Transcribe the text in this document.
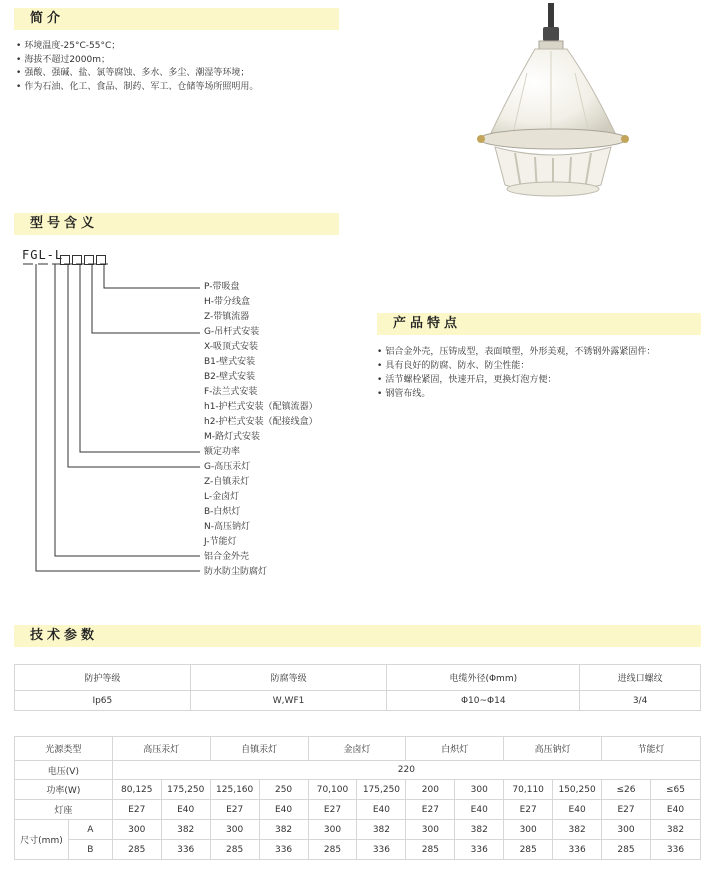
简介
• 环境温度-25°C-55°C；
• 海拔不超过2000m；
• 强酸、强碱、盐、氯等腐蚀、多水、多尘、潮湿等环境；
• 作为石油、化工、食品、制药、军工、仓储等场所照明用。
型号含义
FGL-L
P-带吸盘
H-带分线盒
Z-带镇流器
G-吊杆式安装
X-吸顶式安装
B1-壁式安装
B2-壁式安装
F-法兰式安装
h1-护栏式安装（配镇流器）
h2-护栏式安装（配接线盒）
M-路灯式安装
额定功率
G-高压汞灯
Z-自镇汞灯
L-金卤灯
B-白炽灯
N-高压钠灯
J-节能灯
铝合金外壳
防水防尘防腐灯
产品特点
• 铝合金外壳，压铸成型，表面喷塑，外形美观，不锈钢外露紧固件：
• 具有良好的防腐、防水、防尘性能：
• 活节螺栓紧固，快速开启，更换灯泡方便：
• 钢管布线。
技术参数
防护等级	防腐等级	电缆外径(Φmm)	进线口螺纹
Ip65	W,WF1	Φ10~Φ14	3/4
光源类型		高压汞灯		自镇汞灯		金卤灯		白炽灯		高压钠灯		节能灯	
电压(V)		220											
功率(W)		80,125	175,250	125,160	250	70,100	175,250	200	300	70,110	150,250	≤26	≤65
灯座		E27	E40	E27	E40	E27	E40	E27	E40	E27	E40	E27	E40
尺寸(mm)	A	300	382	300	382	300	382	300	382	300	382	300	382
	B	285	336	285	336	285	336	285	336	285	336	285	336
